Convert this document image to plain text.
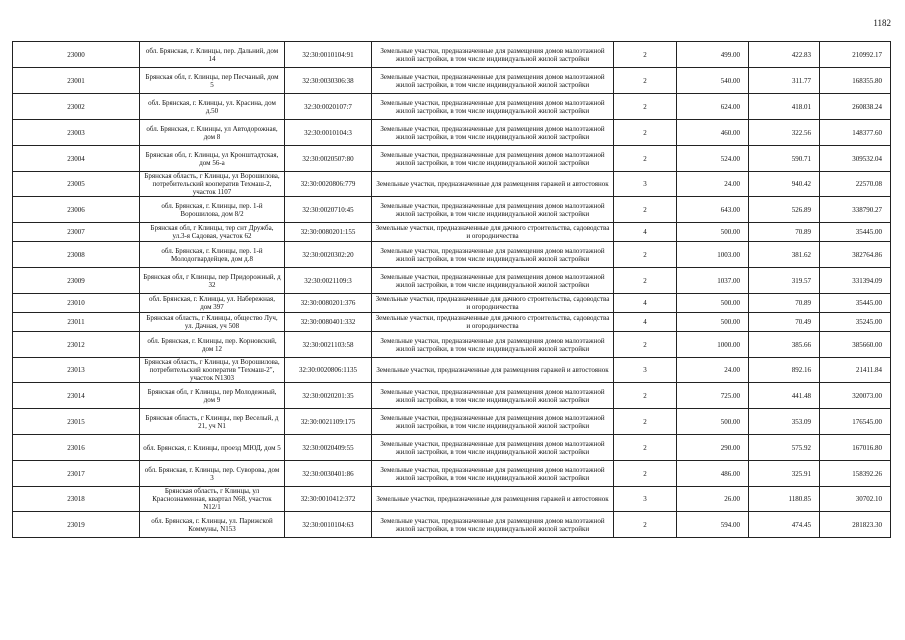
1182
23000	обл. Брянская, г. Клинцы, пер. Дальний, дом 14	32:30:0010104:91	Земельные участки, предназначенные для размещения домов малоэтажной жилой застройки, в том числе индивидуальной жилой застройки	2	499.00	422.83	210992.17
23001	Брянская обл, г. Клинцы, пер Песчаный, дом 5	32:30:0030306:38	Земельные участки, предназначенные для размещения домов малоэтажной жилой застройки, в том числе индивидуальной жилой застройки	2	540.00	311.77	168355.80
23002	обл. Брянская, г. Клинцы, ул. Красина, дом д.50	32:30:0020107:7	Земельные участки, предназначенные для размещения домов малоэтажной жилой застройки, в том числе индивидуальной жилой застройки	2	624.00	418.01	260838.24
23003	обл. Брянская, г. Клинцы, ул Автодорожная, дом 8	32:30:0010104:3	Земельные участки, предназначенные для размещения домов малоэтажной жилой застройки, в том числе индивидуальной жилой застройки	2	460.00	322.56	148377.60
23004	Брянская обл, г. Клинцы, ул Кронштадтская, дом 56-а	32:30:0020507:80	Земельные участки, предназначенные для размещения домов малоэтажной жилой застройки, в том числе индивидуальной жилой застройки	2	524.00	590.71	309532.04
23005	Брянская область, г Клинцы, ул Ворошилова, потребительский кооператив Техмаш-2, участок 1107	32:30:0020806:779	Земельные участки, предназначенные для размещения гаражей и автостоянок	3	24.00	940.42	22570.08
23006	обл. Брянская, г. Клинцы, пер. 1-й Ворошилова, дом 8/2	32:30:0020710:45	Земельные участки, предназначенные для размещения домов малоэтажной жилой застройки, в том числе индивидуальной жилой застройки	2	643.00	526.89	338790.27
23007	Брянская обл, г Клинцы, тер снт Дружба, ул.3-я Садовая, участок 62	32:30:0080201:155	Земельные участки, предназначенные для дачного строительства, садоводства и огородничества	4	500.00	70.89	35445.00
23008	обл. Брянская, г. Клинцы, пер. 1-й Молодогвардейцев, дом д.8	32:30:0020302:20	Земельные участки, предназначенные для размещения домов малоэтажной жилой застройки, в том числе индивидуальной жилой застройки	2	1003.00	381.62	382764.86
23009	Брянская обл, г Клинцы, пер Придорожный, д 32	32:30:0021109:3	Земельные участки, предназначенные для размещения домов малоэтажной жилой застройки, в том числе индивидуальной жилой застройки	2	1037.00	319.57	331394.09
23010	обл. Брянская, г. Клинцы, ул. Набережная, дом 397	32:30:0080201:376	Земельные участки, предназначенные для дачного строительства, садоводства и огородничества	4	500.00	70.89	35445.00
23011	Брянская область, г Клинцы, общество Луч, ул. Дачная, уч 508	32:30:0080401:332	Земельные участки, предназначенные для дачного строительства, садоводства и огородничества	4	500.00	70.49	35245.00
23012	обл. Брянская, г. Клинцы, пер. Корновский, дом 12	32:30:0021103:58	Земельные участки, предназначенные для размещения домов малоэтажной жилой застройки, в том числе индивидуальной жилой застройки	2	1000.00	385.66	385660.00
23013	Брянская область, г Клинцы, ул Ворошилова, потребительский кооператив "Техмаш-2", участок N1303	32:30:0020806:1135	Земельные участки, предназначенные для размещения гаражей и автостоянок	3	24.00	892.16	21411.84
23014	Брянская обл, г Клинцы, пер Молодежный, дом 9	32:30:0020201:35	Земельные участки, предназначенные для размещения домов малоэтажной жилой застройки, в том числе индивидуальной жилой застройки	2	725.00	441.48	320073.00
23015	Брянская область, г Клинцы, пер Веселый, д 21, уч N1	32:30:0021109:175	Земельные участки, предназначенные для размещения домов малоэтажной жилой застройки, в том числе индивидуальной жилой застройки	2	500.00	353.09	176545.00
23016	обл. Брянская, г. Клинцы, проезд МЮД, дом 5	32:30:0020409:55	Земельные участки, предназначенные для размещения домов малоэтажной жилой застройки, в том числе индивидуальной жилой застройки	2	290.00	575.92	167016.80
23017	обл. Брянская, г. Клинцы, пер. Суворова, дом 3	32:30:0030401:86	Земельные участки, предназначенные для размещения домов малоэтажной жилой застройки, в том числе индивидуальной жилой застройки	2	486.00	325.91	158392.26
23018	Брянская область, г Клинцы, ул Краснознаменная, квартал N68, участок N12/1	32:30:0010412:372	Земельные участки, предназначенные для размещения гаражей и автостоянок	3	26.00	1180.85	30702.10
23019	обл. Брянская, г. Клинцы, ул. Парижской Коммуны, N153	32:30:0010104:63	Земельные участки, предназначенные для размещения домов малоэтажной жилой застройки, в том числе индивидуальной жилой застройки	2	594.00	474.45	281823.30
